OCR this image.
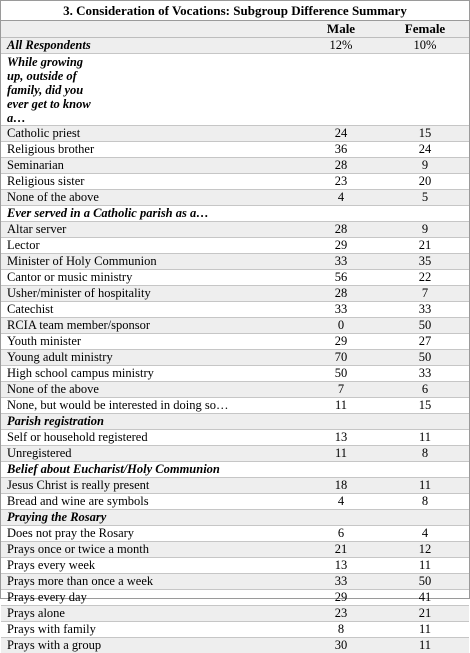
3. Consideration of Vocations: Subgroup Difference Summary
Male	Female
All Respondents	12%	10%
While growing up, outside of family, did you ever get to know a…
Catholic priest	24	15
Religious brother	36	24
Seminarian	28	9
Religious sister	23	20
None of the above	4	5
Ever served in a Catholic parish as a…
Altar server	28	9
Lector	29	21
Minister of Holy Communion	33	35
Cantor or music ministry	56	22
Usher/minister of hospitality	28	7
Catechist	33	33
RCIA team member/sponsor	0	50
Youth minister	29	27
Young adult ministry	70	50
High school campus ministry	50	33
None of the above	7	6
None, but would be interested in doing so…	11	15
Parish registration
Self or household registered	13	11
Unregistered	11	8
Belief about Eucharist/Holy Communion
Jesus Christ is really present	18	11
Bread and wine are symbols	4	8
Praying the Rosary
Does not pray the Rosary	6	4
Prays once or twice a month	21	12
Prays every week	13	11
Prays more than once a week	33	50
Prays every day	29	41
Prays alone	23	21
Prays with family	8	11
Prays with a group	30	11
